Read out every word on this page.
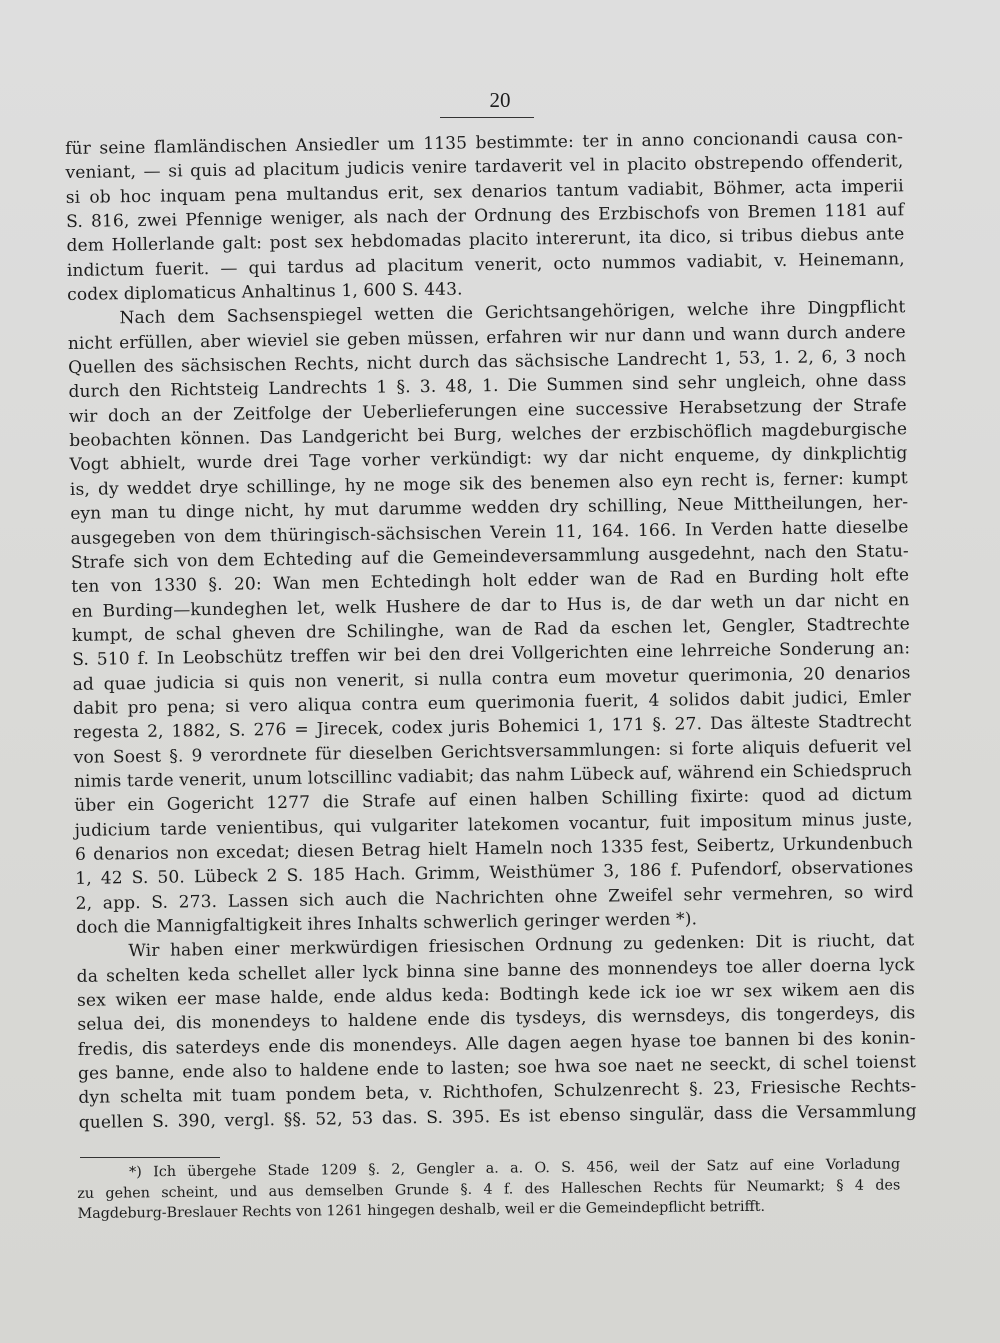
20
für seine flamländischen Ansiedler um 1135 bestimmte: ter in anno concionandi causa con-
veniant, — si quis ad placitum judicis venire tardaverit vel in placito obstrependo offenderit,
si ob hoc inquam pena multandus erit, sex denarios tantum vadiabit, Böhmer, acta imperii
S. 816, zwei Pfennige weniger, als nach der Ordnung des Erzbischofs von Bremen 1181 auf
dem Hollerlande galt: post sex hebdomadas placito intererunt, ita dico, si tribus diebus ante
indictum fuerit. — qui tardus ad placitum venerit, octo nummos vadiabit, v. Heinemann,
codex diplomaticus Anhaltinus 1, 600 S. 443.
Nach dem Sachsenspiegel wetten die Gerichtsangehörigen, welche ihre Dingpflicht
nicht erfüllen, aber wieviel sie geben müssen, erfahren wir nur dann und wann durch andere
Quellen des sächsischen Rechts, nicht durch das sächsische Landrecht 1, 53, 1. 2, 6, 3 noch
durch den Richtsteig Landrechts 1 §. 3. 48, 1. Die Summen sind sehr ungleich, ohne dass
wir doch an der Zeitfolge der Ueberlieferungen eine successive Herabsetzung der Strafe
beobachten können. Das Landgericht bei Burg, welches der erzbischöflich magdeburgische
Vogt abhielt, wurde drei Tage vorher verkündigt: wy dar nicht enqueme, dy dinkplichtig
is, dy weddet drye schillinge, hy ne moge sik des benemen also eyn recht is, ferner: kumpt
eyn man tu dinge nicht, hy mut darumme wedden dry schilling, Neue Mittheilungen, her-
ausgegeben von dem thüringisch-sächsischen Verein 11, 164. 166. In Verden hatte dieselbe
Strafe sich von dem Echteding auf die Gemeindeversammlung ausgedehnt, nach den Statu-
ten von 1330 §. 20: Wan men Echtedingh holt edder wan de Rad en Burding holt efte
en Burding—kundeghen let, welk Hushere de dar to Hus is, de dar weth un dar nicht en
kumpt, de schal gheven dre Schilinghe, wan de Rad da eschen let, Gengler, Stadtrechte
S. 510 f. In Leobschütz treffen wir bei den drei Vollgerichten eine lehrreiche Sonderung an:
ad quae judicia si quis non venerit, si nulla contra eum movetur querimonia, 20 denarios
dabit pro pena; si vero aliqua contra eum querimonia fuerit, 4 solidos dabit judici, Emler
regesta 2, 1882, S. 276 = Jirecek, codex juris Bohemici 1, 171 §. 27. Das älteste Stadtrecht
von Soest §. 9 verordnete für dieselben Gerichtsversammlungen: si forte aliquis defuerit vel
nimis tarde venerit, unum lotscillinc vadiabit; das nahm Lübeck auf, während ein Schiedspruch
über ein Gogericht 1277 die Strafe auf einen halben Schilling fixirte: quod ad dictum
judicium tarde venientibus, qui vulgariter latekomen vocantur, fuit impositum minus juste,
6 denarios non excedat; diesen Betrag hielt Hameln noch 1335 fest, Seibertz, Urkundenbuch
1, 42 S. 50. Lübeck 2 S. 185 Hach. Grimm, Weisthümer 3, 186 f. Pufendorf, observationes
2, app. S. 273. Lassen sich auch die Nachrichten ohne Zweifel sehr vermehren, so wird
doch die Mannigfaltigkeit ihres Inhalts schwerlich geringer werden *).
Wir haben einer merkwürdigen friesischen Ordnung zu gedenken: Dit is riucht, dat
da schelten keda schellet aller lyck binna sine banne des monnendeys toe aller doerna lyck
sex wiken eer mase halde, ende aldus keda: Bodtingh kede ick ioe wr sex wikem aen dis
selua dei, dis monendeys to haldene ende dis tysdeys, dis wernsdeys, dis tongerdeys, dis
fredis, dis saterdeys ende dis monendeys. Alle dagen aegen hyase toe bannen bi des konin-
ges banne, ende also to haldene ende to lasten; soe hwa soe naet ne seeckt, di schel toienst
dyn schelta mit tuam pondem beta, v. Richthofen, Schulzenrecht §. 23, Friesische Rechts-
quellen S. 390, vergl. §§. 52, 53 das. S. 395. Es ist ebenso singulär, dass die Versammlung
*) Ich übergehe Stade 1209 §. 2, Gengler a. a. O. S. 456, weil der Satz auf eine Vorladung
zu gehen scheint, und aus demselben Grunde §. 4 f. des Halleschen Rechts für Neumarkt; § 4 des
Magdeburg-Breslauer Rechts von 1261 hingegen deshalb, weil er die Gemeindepflicht betrifft.
